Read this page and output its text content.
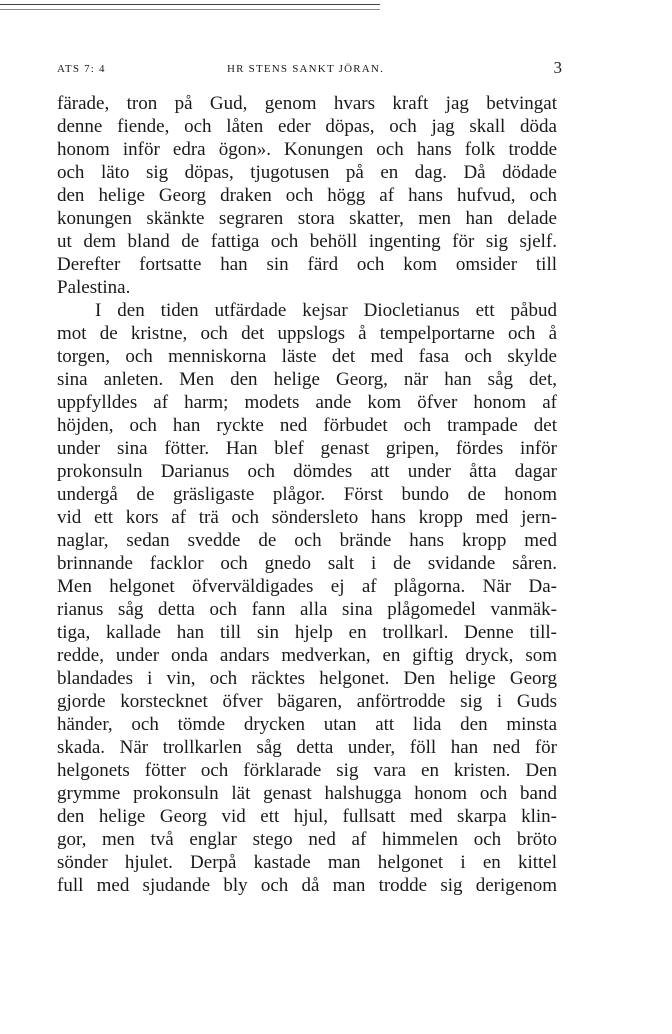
ATS 7: 4	HR STENS SANKT JÖRAN.	3
färade, tron på Gud, genom hvars kraft jag betvingat
denne fiende, och låten eder döpas, och jag skall döda
honom inför edra ögon». Konungen och hans folk trodde
och läto sig döpas, tjugotusen på en dag. Då dödade
den helige Georg draken och högg af hans hufvud, och
konungen skänkte segraren stora skatter, men han delade
ut dem bland de fattiga och behöll ingenting för sig sjelf.
Derefter fortsatte han sin färd och kom omsider till
Palestina.
I den tiden utfärdade kejsar Diocletianus ett påbud
mot de kristne, och det uppslogs å tempelportarne och å
torgen, och menniskorna läste det med fasa och skylde
sina anleten. Men den helige Georg, när han såg det,
uppfylldes af harm; modets ande kom öfver honom af
höjden, och han ryckte ned förbudet och trampade det
under sina fötter. Han blef genast gripen, fördes inför
prokonsuln Darianus och dömdes att under åtta dagar
undergå de gräsligaste plågor. Först bundo de honom
vid ett kors af trä och söndersleto hans kropp med jern-
naglar, sedan svedde de och brände hans kropp med
brinnande facklor och gnedo salt i de svidande såren.
Men helgonet öfverväldigades ej af plågorna. När Da-
rianus såg detta och fann alla sina plågomedel vanmäk-
tiga, kallade han till sin hjelp en trollkarl. Denne till-
redde, under onda andars medverkan, en giftig dryck, som
blandades i vin, och räcktes helgonet. Den helige Georg
gjorde korstecknet öfver bägaren, anförtrodde sig i Guds
händer, och tömde drycken utan att lida den minsta
skada. När trollkarlen såg detta under, föll han ned för
helgonets fötter och förklarade sig vara en kristen. Den
grymme prokonsuln lät genast halshugga honom och band
den helige Georg vid ett hjul, fullsatt med skarpa klin-
gor, men två englar stego ned af himmelen och bröto
sönder hjulet. Derpå kastade man helgonet i en kittel
full med sjudande bly och då man trodde sig derigenom
